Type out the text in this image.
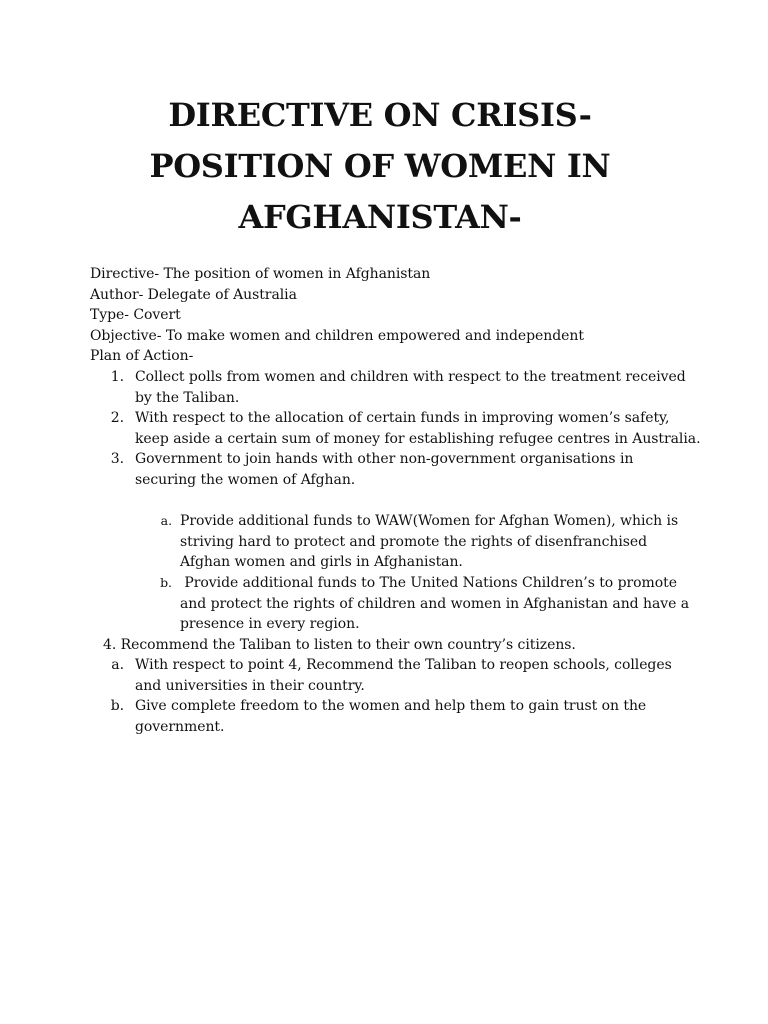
DIRECTIVE ON CRISIS-
POSITION OF WOMEN IN
AFGHANISTAN-
Directive- The position of women in Afghanistan
Author- Delegate of Australia
Type- Covert
Objective- To make women and children empowered and independent
Plan of Action-
1. Collect polls from women and children with respect to the treatment received
by the Taliban.
2. With respect to the allocation of certain funds in improving women’s safety,
keep aside a certain sum of money for establishing refugee centres in Australia.
3. Government to join hands with other non-government organisations in
securing the women of Afghan.
a. Provide additional funds to WAW(Women for Afghan Women), which is
striving hard to protect and promote the rights of disenfranchised
Afghan women and girls in Afghanistan.
b. Provide additional funds to The United Nations Children’s to promote
and protect the rights of children and women in Afghanistan and have a
presence in every region.
4. Recommend the Taliban to listen to their own country’s citizens.
a. With respect to point 4, Recommend the Taliban to reopen schools, colleges
and universities in their country.
b. Give complete freedom to the women and help them to gain trust on the
government.
